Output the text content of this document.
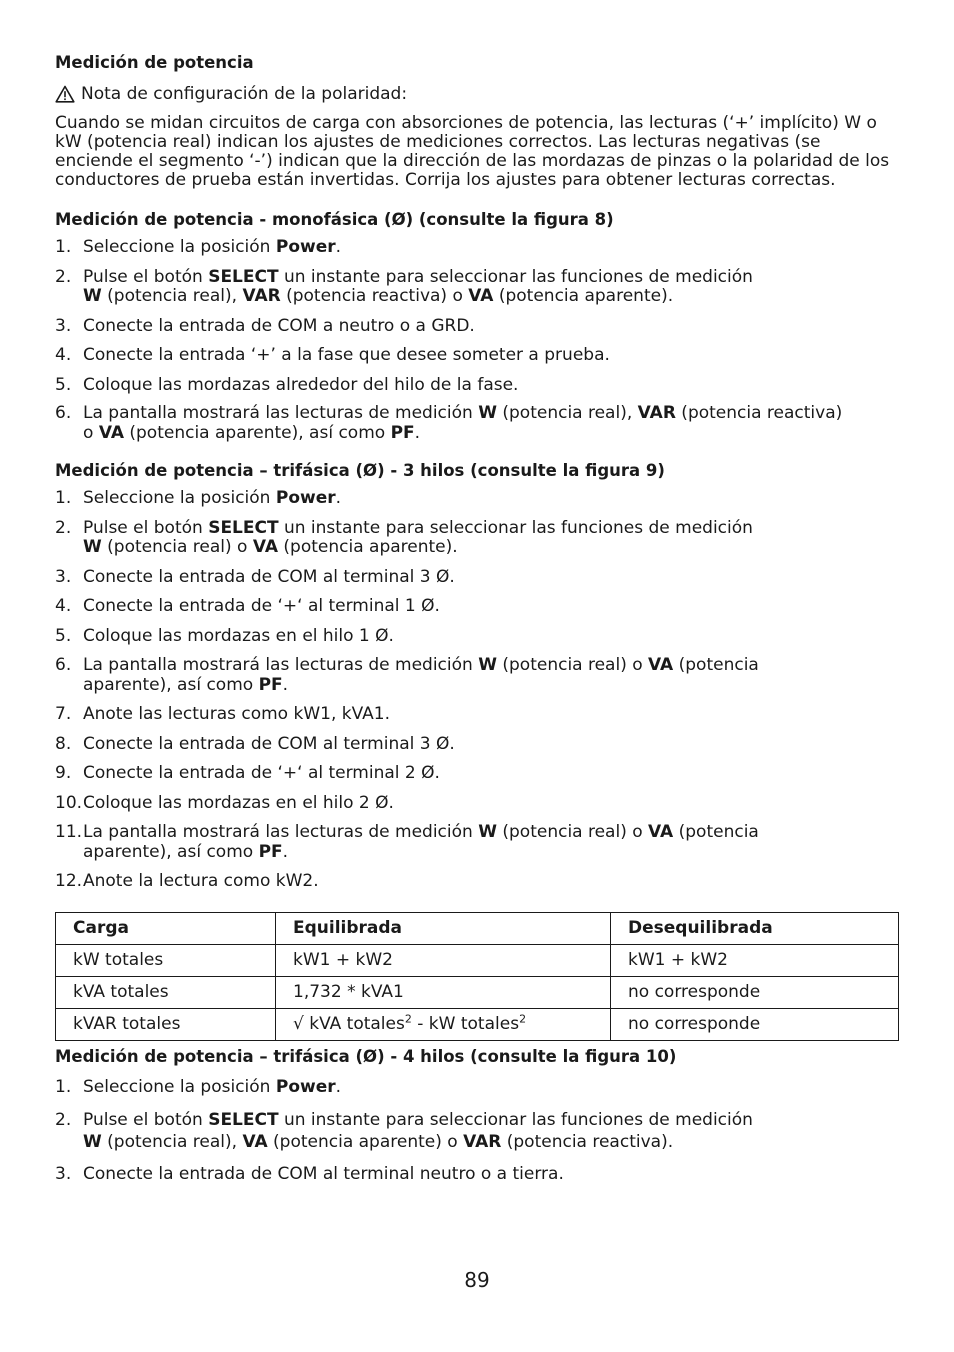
Medición de potencia
Nota de configuración de la polaridad:
Cuando se midan circuitos de carga con absorciones de potencia, las lecturas (‘+’ implícito) W o kW (potencia real) indican los ajustes de mediciones correctos. Las lecturas negativas (se enciende el segmento ‘-’) indican que la dirección de las mordazas de pinzas o la polaridad de los conductores de prueba están invertidas. Corrija los ajustes para obtener lecturas correctas.
Medición de potencia - monofásica (Ø) (consulte la figura 8)
1. Seleccione la posición Power.
2. Pulse el botón SELECT un instante para seleccionar las funciones de medición
W (potencia real), VAR (potencia reactiva) o VA (potencia aparente).
3. Conecte la entrada de COM a neutro o a GRD.
4. Conecte la entrada ‘+’ a la fase que desee someter a prueba.
5. Coloque las mordazas alrededor del hilo de la fase.
6. La pantalla mostrará las lecturas de medición W (potencia real), VAR (potencia reactiva)
o VA (potencia aparente), así como PF.
Medición de potencia – trifásica (Ø) - 3 hilos (consulte la figura 9)
1. Seleccione la posición Power.
2. Pulse el botón SELECT un instante para seleccionar las funciones de medición
W (potencia real) o VA (potencia aparente).
3. Conecte la entrada de COM al terminal 3 Ø.
4. Conecte la entrada de ‘+‘ al terminal 1 Ø.
5. Coloque las mordazas en el hilo 1 Ø.
6. La pantalla mostrará las lecturas de medición W (potencia real) o VA (potencia
aparente), así como PF.
7. Anote las lecturas como kW1, kVA1.
8. Conecte la entrada de COM al terminal 3 Ø.
9. Conecte la entrada de ‘+‘ al terminal 2 Ø.
10. Coloque las mordazas en el hilo 2 Ø.
11. La pantalla mostrará las lecturas de medición W (potencia real) o VA (potencia
aparente), así como PF.
12. Anote la lectura como kW2.
Carga	Equilibrada	Desequilibrada
kW totales	kW1 + kW2	kW1 + kW2
kVA totales	1,732 * kVA1	no corresponde
kVAR totales	√ kVA totales$^2$ - kW totales$^2$	no corresponde
Medición de potencia – trifásica (Ø) - 4 hilos (consulte la figura 10)
1. Seleccione la posición Power.
2. Pulse el botón SELECT un instante para seleccionar las funciones de medición
W (potencia real), VA (potencia aparente) o VAR (potencia reactiva).
3. Conecte la entrada de COM al terminal neutro o a tierra.
89
